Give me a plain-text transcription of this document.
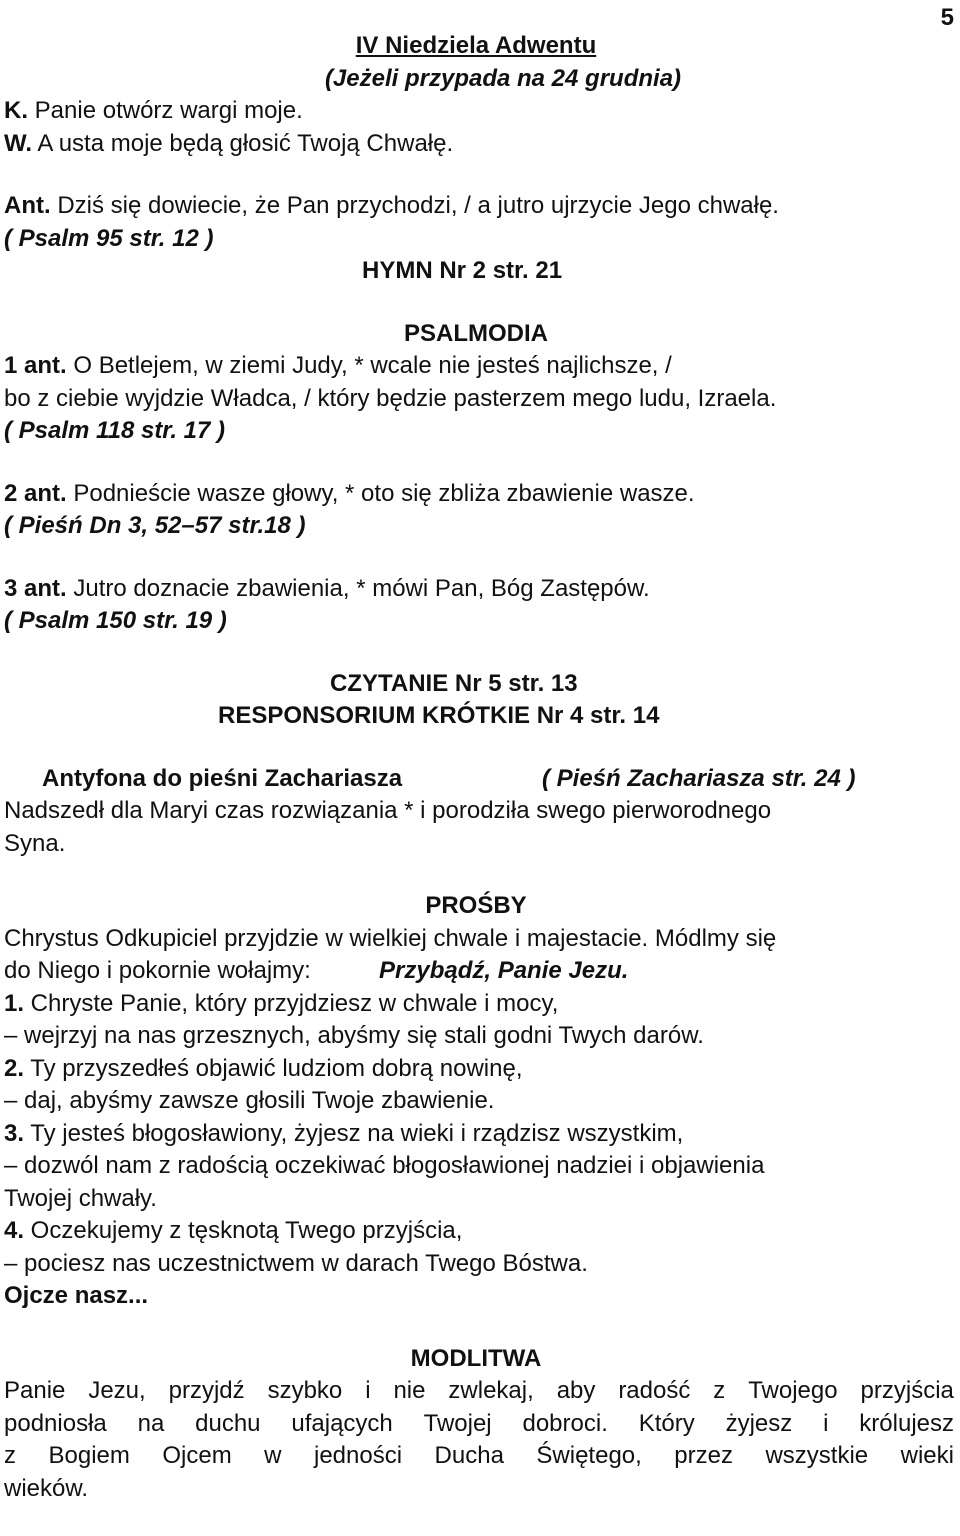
5
IV Niedziela Adwentu
(Jeżeli przypada na 24 grudnia)
K. Panie otwórz wargi moje.
W. A usta moje będą głosić Twoją Chwałę.
Ant. Dziś się dowiecie, że Pan przychodzi, / a jutro ujrzycie Jego chwałę.
( Psalm 95 str. 12 )
HYMN Nr 2 str. 21
PSALMODIA
1 ant. O Betlejem, w ziemi Judy, * wcale nie jesteś najlichsze, /
bo z ciebie wyjdzie Władca, / który będzie pasterzem mego ludu, Izraela.
( Psalm 118 str. 17 )
2 ant. Podnieście wasze głowy, * oto się zbliża zbawienie wasze.
( Pieśń Dn 3, 52–57 str.18 )
3 ant. Jutro doznacie zbawienia, * mówi Pan, Bóg Zastępów.
( Psalm 150 str. 19 )
CZYTANIE Nr 5 str. 13
RESPONSORIUM KRÓTKIE Nr 4 str. 14
Antyfona do pieśni Zachariasza	( Pieśń Zachariasza str. 24 )
Nadszedł dla Maryi czas rozwiązania * i porodziła swego pierworodnego
Syna.
PROŚBY
Chrystus Odkupiciel przyjdzie w wielkiej chwale i majestacie. Módlmy się
do Niego i pokornie wołajmy:	Przybądź, Panie Jezu.
1. Chryste Panie, który przyjdziesz w chwale i mocy,
– wejrzyj na nas grzesznych, abyśmy się stali godni Twych darów.
2. Ty przyszedłeś objawić ludziom dobrą nowinę,
– daj, abyśmy zawsze głosili Twoje zbawienie.
3. Ty jesteś błogosławiony, żyjesz na wieki i rządzisz wszystkim,
– dozwól nam z radością oczekiwać błogosławionej nadziei i objawienia
Twojej chwały.
4. Oczekujemy z tęsknotą Twego przyjścia,
– pociesz nas uczestnictwem w darach Twego Bóstwa.
Ojcze nasz...
MODLITWA
Panie Jezu, przyjdź szybko i nie zwlekaj, aby radość z Twojego przyjścia
podniosła na duchu ufających Twojej dobroci. Który żyjesz i królujesz
z Bogiem Ojcem w jedności Ducha Świętego, przez wszystkie wieki
wieków.
